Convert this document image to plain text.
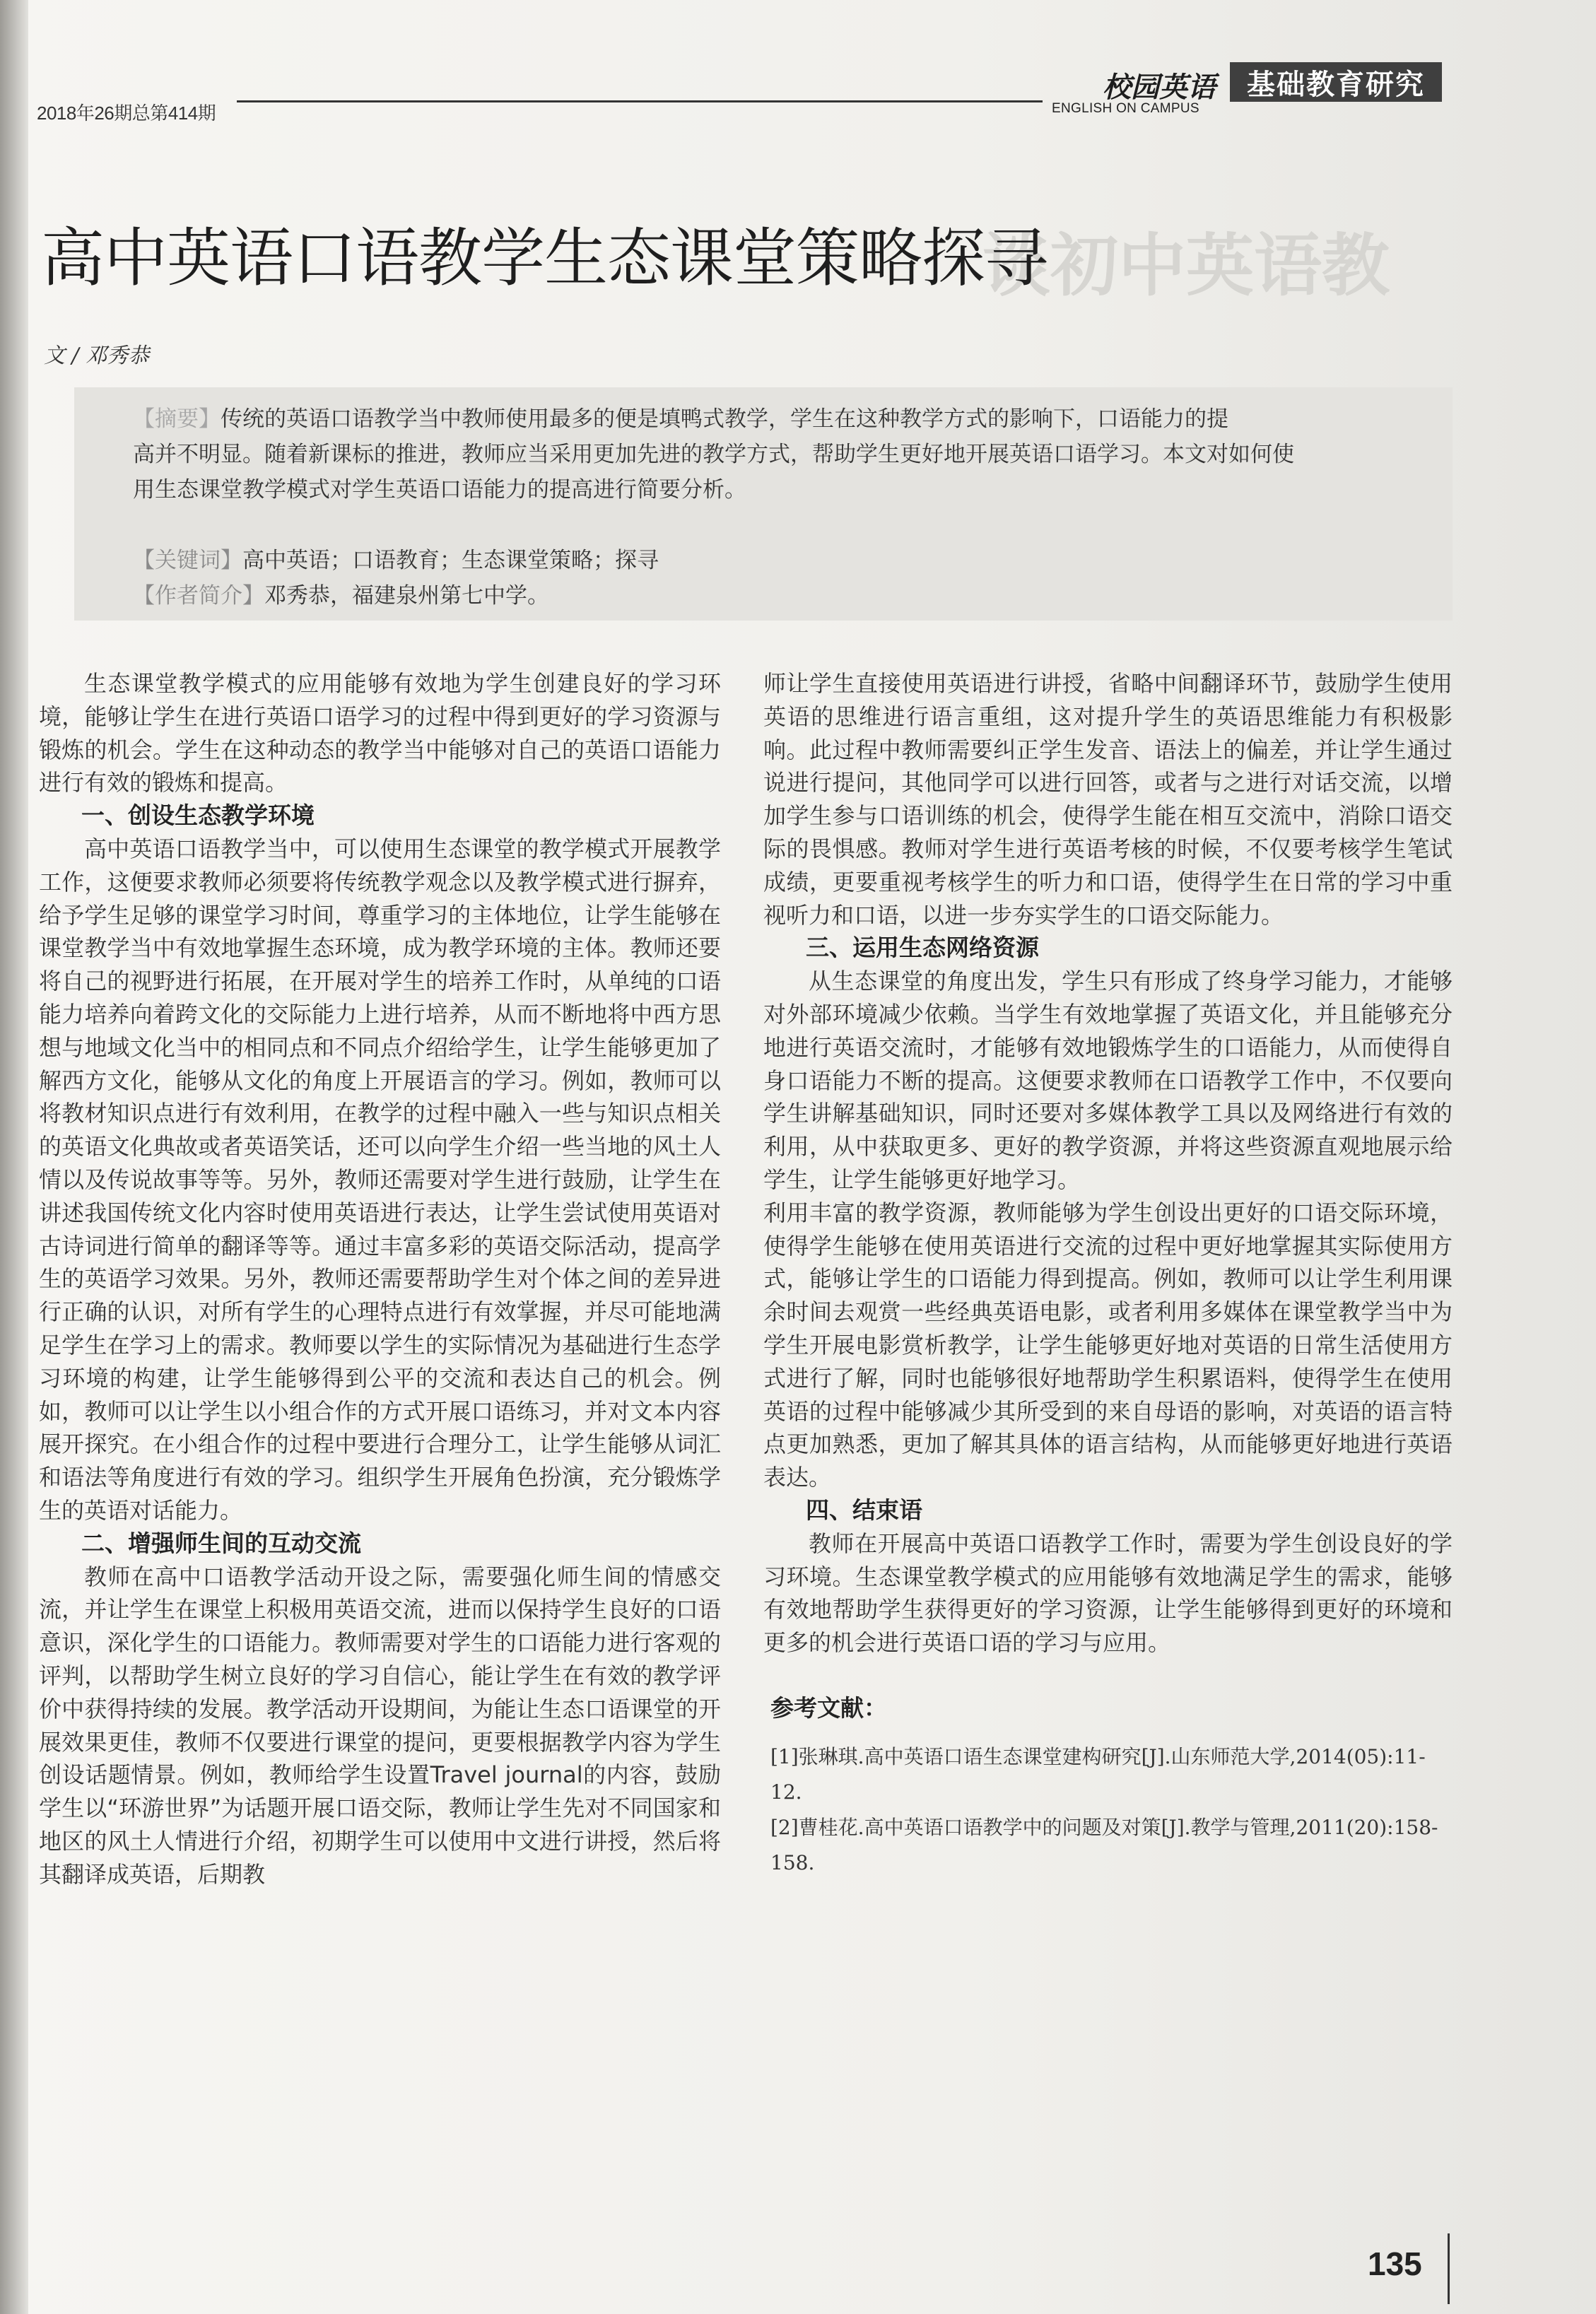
2018年26期总第414期
校园英语
ENGLISH ON CAMPUS
基础教育研究
谈初中英语教
高中英语口语教学生态课堂策略探寻
文 / 邓秀恭
【摘要】传统的英语口语教学当中教师使用最多的便是填鸭式教学，学生在这种教学方式的影响下，口语能力的提
高并不明显。随着新课标的推进，教师应当采用更加先进的教学方式，帮助学生更好地开展英语口语学习。本文对如何使
用生态课堂教学模式对学生英语口语能力的提高进行简要分析。
【关键词】高中英语；口语教育；生态课堂策略；探寻
【作者简介】邓秀恭，福建泉州第七中学。

生态课堂教学模式的应用能够有效地为学生创建良好的学习环境，能够让学生在进行英语口语学习的过程中得到更好的学习资源与锻炼的机会。学生在这种动态的教学当中能够对自己的英语口语能力进行有效的锻炼和提高。

一、创设生态教学环境

高中英语口语教学当中，可以使用生态课堂的教学模式开展教学工作，这便要求教师必须要将传统教学观念以及教学模式进行摒弃，给予学生足够的课堂学习时间，尊重学习的主体地位，让学生能够在课堂教学当中有效地掌握生态环境，成为教学环境的主体。教师还要将自己的视野进行拓展，在开展对学生的培养工作时，从单纯的口语能力培养向着跨文化的交际能力上进行培养，从而不断地将中西方思想与地域文化当中的相同点和不同点介绍给学生，让学生能够更加了解西方文化，能够从文化的角度上开展语言的学习。例如，教师可以将教材知识点进行有效利用，在教学的过程中融入一些与知识点相关的英语文化典故或者英语笑话，还可以向学生介绍一些当地的风土人情以及传说故事等等。另外，教师还需要对学生进行鼓励，让学生在讲述我国传统文化内容时使用英语进行表达，让学生尝试使用英语对古诗词进行简单的翻译等等。通过丰富多彩的英语交际活动，提高学生的英语学习效果。另外，教师还需要帮助学生对个体之间的差异进行正确的认识，对所有学生的心理特点进行有效掌握，并尽可能地满足学生在学习上的需求。教师要以学生的实际情况为基础进行生态学习环境的构建，让学生能够得到公平的交流和表达自己的机会。例如，教师可以让学生以小组合作的方式开展口语练习，并对文本内容展开探究。在小组合作的过程中要进行合理分工，让学生能够从词汇和语法等角度进行有效的学习。组织学生开展角色扮演，充分锻炼学生的英语对话能力。

二、增强师生间的互动交流

教师在高中口语教学活动开设之际，需要强化师生间的情感交流，并让学生在课堂上积极用英语交流，进而以保持学生良好的口语意识，深化学生的口语能力。教师需要对学生的口语能力进行客观的评判，以帮助学生树立良好的学习自信心，能让学生在有效的教学评价中获得持续的发展。教学活动开设期间，为能让生态口语课堂的开展效果更佳，教师不仅要进行课堂的提问，更要根据教学内容为学生创设话题情景。例如，教师给学生设置Travel journal的内容，鼓励学生以“环游世界”为话题开展口语交际，教师让学生先对不同国家和地区的风土人情进行介绍，初期学生可以使用中文进行讲授，然后将其翻译成英语，后期教

师让学生直接使用英语进行讲授，省略中间翻译环节，鼓励学生使用英语的思维进行语言重组，这对提升学生的英语思维能力有积极影响。此过程中教师需要纠正学生发音、语法上的偏差，并让学生通过说进行提问，其他同学可以进行回答，或者与之进行对话交流，以增加学生参与口语训练的机会，使得学生能在相互交流中，消除口语交际的畏惧感。教师对学生进行英语考核的时候，不仅要考核学生笔试成绩，更要重视考核学生的听力和口语，使得学生在日常的学习中重视听力和口语，以进一步夯实学生的口语交际能力。

三、运用生态网络资源

从生态课堂的角度出发，学生只有形成了终身学习能力，才能够对外部环境减少依赖。当学生有效地掌握了英语文化，并且能够充分地进行英语交流时，才能够有效地锻炼学生的口语能力，从而使得自身口语能力不断的提高。这便要求教师在口语教学工作中，不仅要向学生讲解基础知识，同时还要对多媒体教学工具以及网络进行有效的利用，从中获取更多、更好的教学资源，并将这些资源直观地展示给学生，让学生能够更好地学习。

利用丰富的教学资源，教师能够为学生创设出更好的口语交际环境，使得学生能够在使用英语进行交流的过程中更好地掌握其实际使用方式，能够让学生的口语能力得到提高。例如，教师可以让学生利用课余时间去观赏一些经典英语电影，或者利用多媒体在课堂教学当中为学生开展电影赏析教学，让学生能够更好地对英语的日常生活使用方式进行了解，同时也能够很好地帮助学生积累语料，使得学生在使用英语的过程中能够减少其所受到的来自母语的影响，对英语的语言特点更加熟悉，更加了解其具体的语言结构，从而能够更好地进行英语表达。

四、结束语

教师在开展高中英语口语教学工作时，需要为学生创设良好的学习环境。生态课堂教学模式的应用能够有效地满足学生的需求，能够有效地帮助学生获得更好的学习资源，让学生能够得到更好的环境和更多的机会进行英语口语的学习与应用。

参考文献：

[1]张琳琪.高中英语口语生态课堂建构研究[J].山东师范大学,2014(05):11-12.

[2]曹桂花.高中英语口语教学中的问题及对策[J].教学与管理,2011(20):158-158.

135
